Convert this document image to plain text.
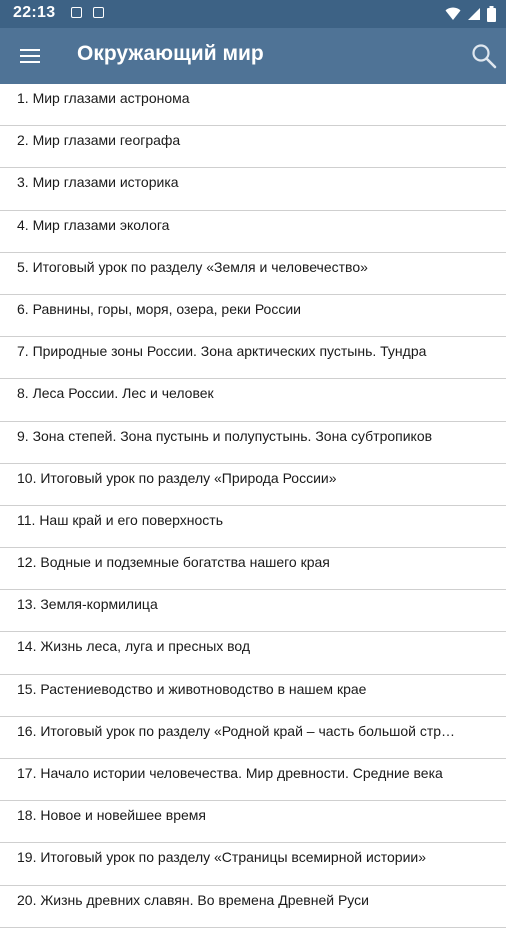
22:13
Окружающий мир
1. Мир глазами астронома
2. Мир глазами географа
3. Мир глазами историка
4. Мир глазами эколога
5. Итоговый урок по разделу «Земля и человечество»
6. Равнины, горы, моря, озера, реки России
7. Природные зоны России. Зона арктических пустынь. Тундра
8. Леса России. Лес и человек
9. Зона степей. Зона пустынь и полупустынь. Зона субтропиков
10. Итоговый урок по разделу «Природа России»
11. Наш край и его поверхность
12. Водные и подземные богатства нашего края
13. Земля-кормилица
14. Жизнь леса, луга и пресных вод
15. Растениеводство и животноводство в нашем крае
16. Итоговый урок по разделу «Родной край – часть большой стр…
17. Начало истории человечества. Мир древности. Средние века
18. Новое и новейшее время
19. Итоговый урок по разделу «Страницы всемирной истории»
20. Жизнь древних славян. Во времена Древней Руси
